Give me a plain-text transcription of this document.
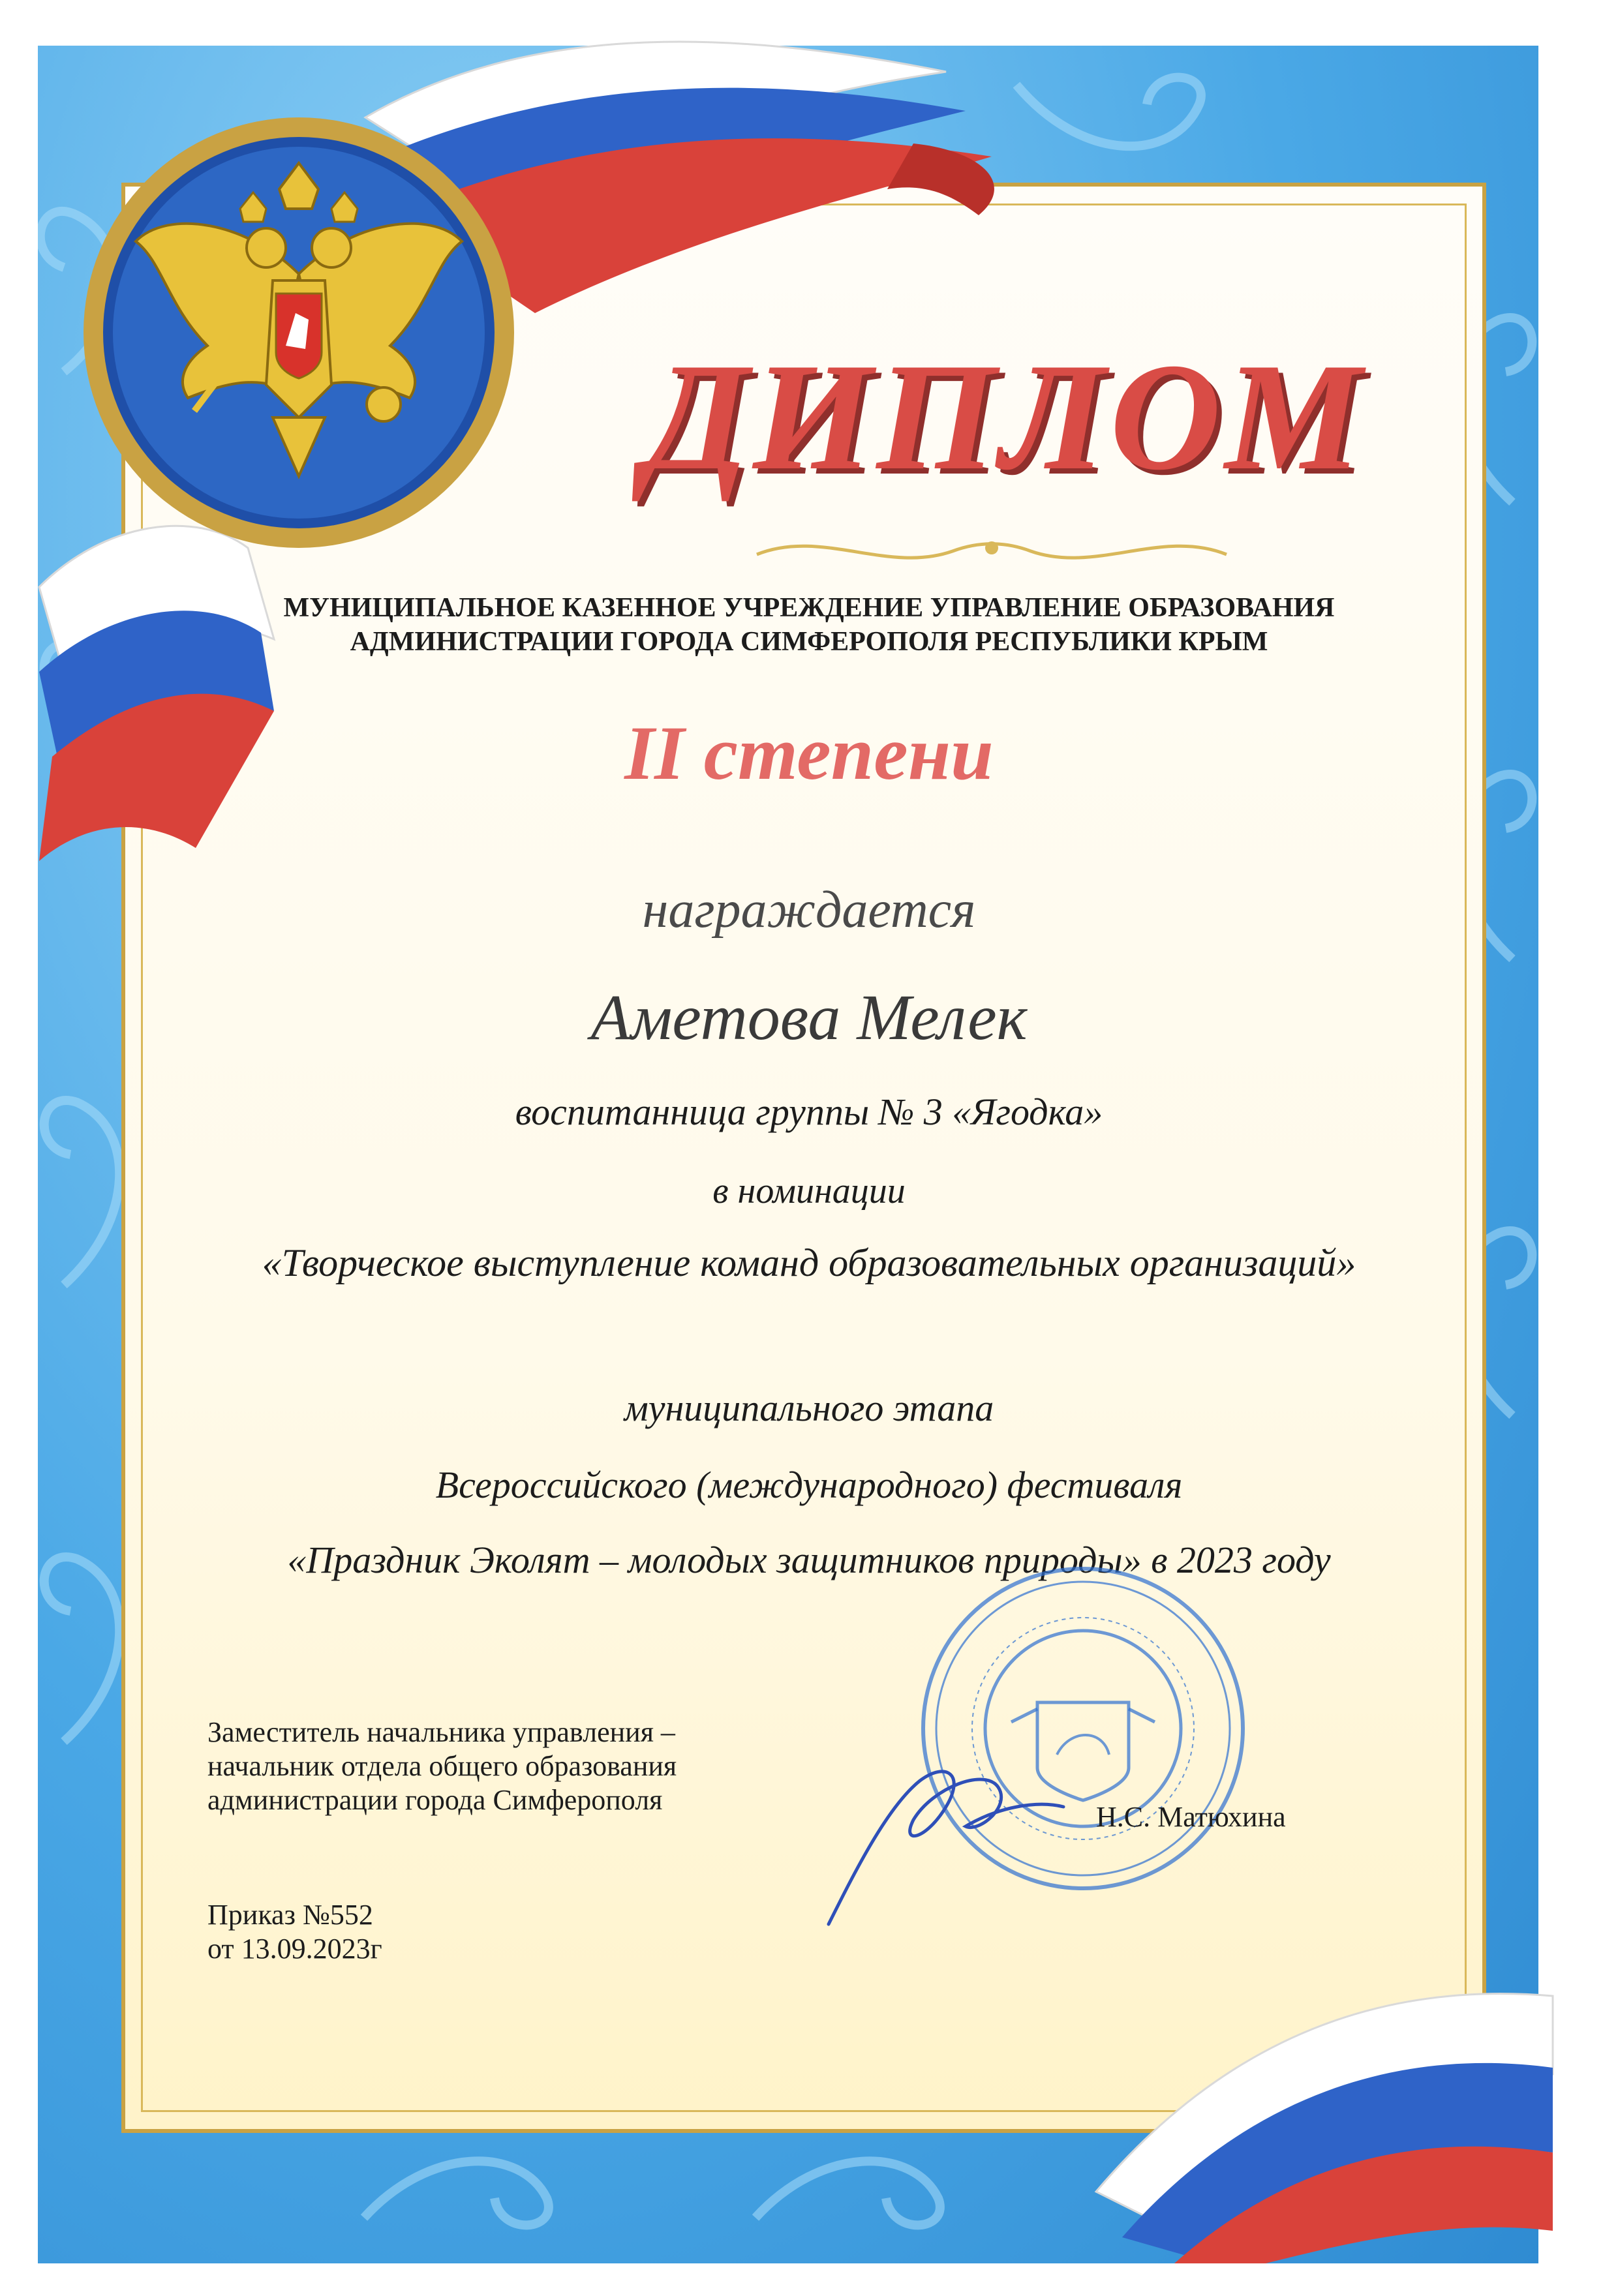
ДИПЛОМ
МУНИЦИПАЛЬНОЕ КАЗЕННОЕ УЧРЕЖДЕНИЕ УПРАВЛЕНИЕ ОБРАЗОВАНИЯ
АДМИНИСТРАЦИИ ГОРОДА СИМФЕРОПОЛЯ РЕСПУБЛИКИ КРЫМ
II степени
награждается
Аметова Мелек
воспитанница группы № 3 «Ягодка»
в номинации
«Творческое выступление команд образовательных организаций»
муниципального этапа
Всероссийского (международного) фестиваля
«Праздник Эколят – молодых защитников природы» в 2023 году
Заместитель начальника управления –
начальник отдела общего образования
администрации города Симферополя
Н.С. Матюхина
Приказ №552
от 13.09.2023г
